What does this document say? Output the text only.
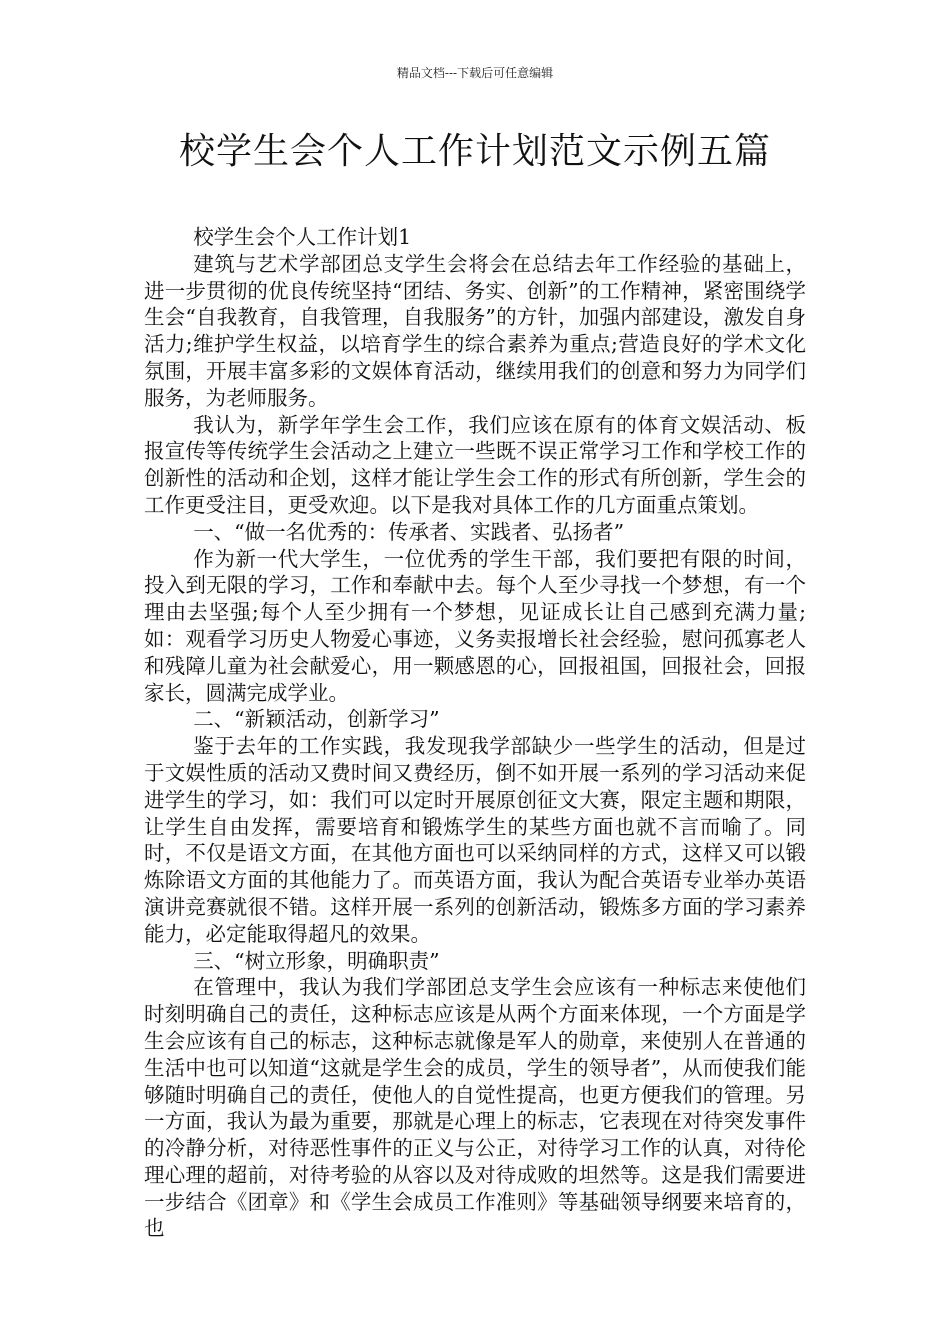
精品文档---下载后可任意编辑
校学生会个人工作计划范文示例五篇

校学生会个人工作计划1

建筑与艺术学部团总支学生会将会在总结去年工作经验的基础上，进一步贯彻的优良传统坚持“团结、务实、创新”的工作精神，紧密围绕学生会“自我教育，自我管理，自我服务”的方针，加强内部建设，激发自身活力;维护学生权益，以培育学生的综合素养为重点;营造良好的学术文化氛围，开展丰富多彩的文娱体育活动，继续用我们的创意和努力为同学们服务，为老师服务。

我认为，新学年学生会工作，我们应该在原有的体育文娱活动、板报宣传等传统学生会活动之上建立一些既不误正常学习工作和学校工作的创新性的活动和企划，这样才能让学生会工作的形式有所创新，学生会的工作更受注目，更受欢迎。以下是我对具体工作的几方面重点策划。

一、“做一名优秀的：传承者、实践者、弘扬者”

作为新一代大学生，一位优秀的学生干部，我们要把有限的时间，投入到无限的学习，工作和奉献中去。每个人至少寻找一个梦想，有一个理由去坚强;每个人至少拥有一个梦想，见证成长让自己感到充满力量;如：观看学习历史人物爱心事迹，义务卖报增长社会经验，慰问孤寡老人和残障儿童为社会献爱心，用一颗感恩的心，回报祖国，回报社会，回报家长，圆满完成学业。

二、“新颖活动，创新学习”

鉴于去年的工作实践，我发现我学部缺少一些学生的活动，但是过于文娱性质的活动又费时间又费经历，倒不如开展一系列的学习活动来促进学生的学习，如：我们可以定时开展原创征文大赛，限定主题和期限，让学生自由发挥，需要培育和锻炼学生的某些方面也就不言而喻了。同时，不仅是语文方面，在其他方面也可以采纳同样的方式，这样又可以锻炼除语文方面的其他能力了。而英语方面，我认为配合英语专业举办英语演讲竞赛就很不错。这样开展一系列的创新活动，锻炼多方面的学习素养能力，必定能取得超凡的效果。

三、“树立形象，明确职责”

在管理中，我认为我们学部团总支学生会应该有一种标志来使他们时刻明确自己的责任，这种标志应该是从两个方面来体现，一个方面是学生会应该有自己的标志，这种标志就像是军人的勋章，来使别人在普通的生活中也可以知道“这就是学生会的成员，学生的领导者”，从而使我们能够随时明确自己的责任，使他人的自觉性提高，也更方便我们的管理。另一方面，我认为最为重要，那就是心理上的标志，它表现在对待突发事件的冷静分析，对待恶性事件的正义与公正，对待学习工作的认真，对待伦理心理的超前，对待考验的从容以及对待成败的坦然等。这是我们需要进一步结合《团章》和《学生会成员工作准则》等基础领导纲要来培育的，也
